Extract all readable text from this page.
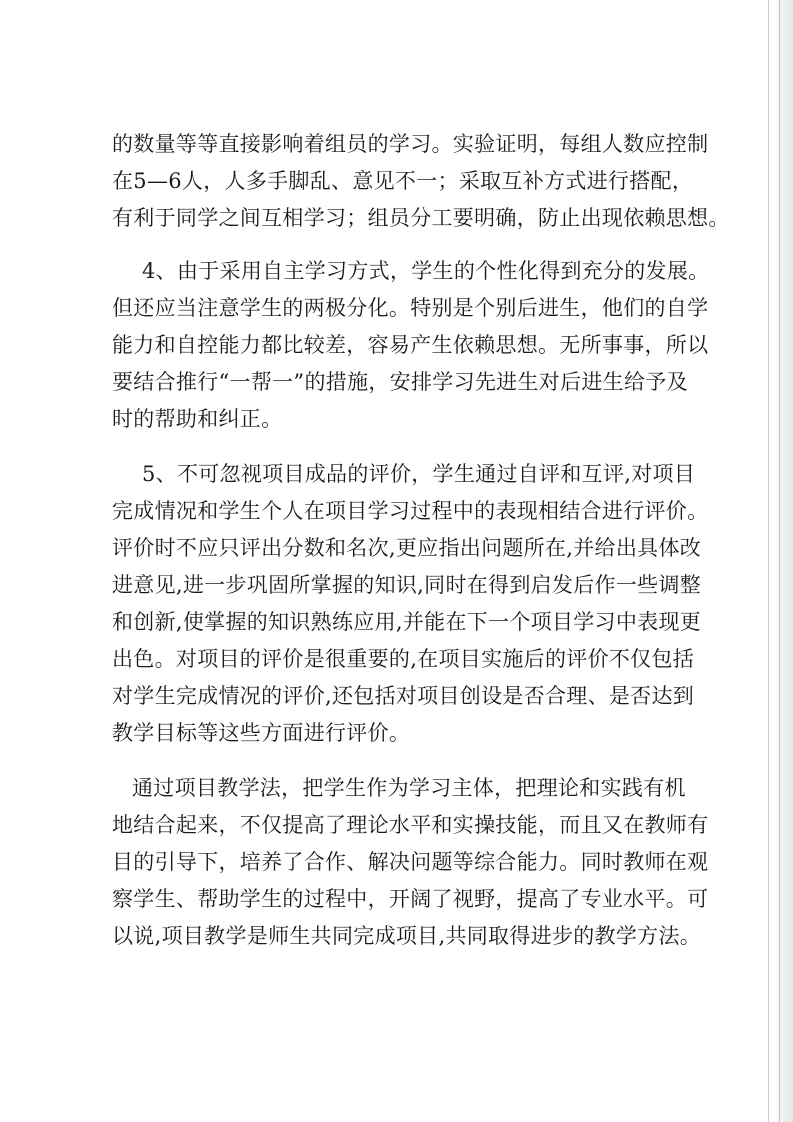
的数量等等直接影响着组员的学习。实验证明，每组人数应控制

在5—6人，人多手脚乱、意见不一；采取互补方式进行搭配，

有利于同学之间互相学习；组员分工要明确，防止出现依赖思想。

4、由于采用自主学习方式，学生的个性化得到充分的发展。

但还应当注意学生的两极分化。特别是个别后进生，他们的自学

能力和自控能力都比较差，容易产生依赖思想。无所事事，所以

要结合推行“一帮一”的措施，安排学习先进生对后进生给予及

时的帮助和纠正。

5、不可忽视项目成品的评价，学生通过自评和互评,对项目

完成情况和学生个人在项目学习过程中的表现相结合进行评价。

评价时不应只评出分数和名次,更应指出问题所在,并给出具体改

进意见,进一步巩固所掌握的知识,同时在得到启发后作一些调整

和创新,使掌握的知识熟练应用,并能在下一个项目学习中表现更

出色。对项目的评价是很重要的,在项目实施后的评价不仅包括

对学生完成情况的评价,还包括对项目创设是否合理、是否达到

教学目标等这些方面进行评价。

通过项目教学法，把学生作为学习主体，把理论和实践有机

地结合起来，不仅提高了理论水平和实操技能，而且又在教师有

目的引导下，培养了合作、解决问题等综合能力。同时教师在观

察学生、帮助学生的过程中，开阔了视野，提高了专业水平。可

以说,项目教学是师生共同完成项目,共同取得进步的教学方法。
